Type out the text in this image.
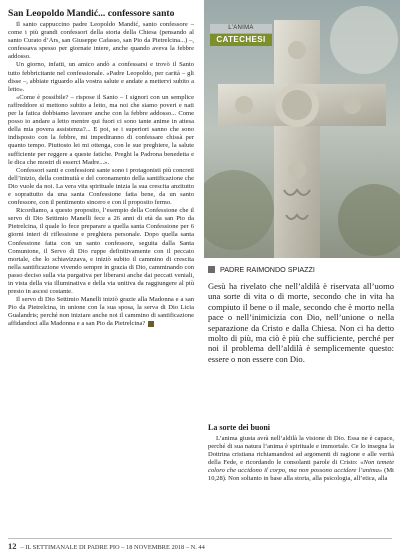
San Leopoldo Mandić... confessore santo

Il santo cappuccino padre Leopoldo Mandić, santo confessore – come i più grandi confessori della storia della Chiesa (pensando al santo Curato d’Ars, san Giuseppe Cafasso, san Pio da Pietrelcina...) –, confessava spesso per giornate intere, anche quando aveva la febbre addosso.

Un giorno, infatti, un amico andò a confessarsi e trovò il Santo tutto febbricitante nel confessionale. «Padre Leopoldo, per carità – gli disse –, abbiate riguardo alla vostra salute e andate a mettervi subito a letto».

«Come è possibile? – rispose il Santo – I signori con un semplice raffreddore si mettono subito a letto, ma noi che siamo poveri e nati per la fatica dobbiamo lavorare anche con la febbre addosso... Come posso io andare a letto mentre qui fuori ci sono tante anime in attesa della mia povera assistenza?... E poi, se i superiori sanno che sono indisposto con la febbre, mi impediranno di confessare chissà per quanto tempo. Piuttosto lei mi ottenga, con le sue preghiere, la salute sufficiente per reggere a queste fatiche. Preghi la Padrona benedetta e le dica che mostri di esserci Madre...».

Confessori santi e confessioni sante sono i protagonisti più concreti dell’inizio, della continuità e del coronamento della santificazione che Dio vuole da noi. La vera vita spirituale inizia la sua crescita anzitutto e soprattutto da una santa Confessione fatta bene, da un santo confessore, con il pentimento sincero e con il proposito fermo.

Ricordiamo, a questo proposito, l’esempio della Confessione che il servo di Dio Settimio Manelli fece a 26 anni di età da san Pio da Pietrelcina, il quale lo fece preparare a quella santa Confessione per 6 giorni interi di riflessione e preghiera personale. Dopo quella santa Confessione fatta con un santo confessore, seguita dalla Santa Comunione, il Servo di Dio ruppe definitivamente con il peccato mortale, che lo schiavizzava, e iniziò subito il cammino di crescita nella santificazione vivendo sempre in grazia di Dio, camminando con passo deciso sulla via purgativa per liberarsi anche dai peccati veniali, in vista della via illuminativa e della via unitiva da raggiungere al più presto in ascesi costante.

Il servo di Dio Settimio Manelli iniziò grazie alla Madonna e a san Pio da Pietrelcina, in unione con la sua sposa, la serva di Dio Licia Gualandris; perché non iniziare anche noi il cammino di santificazione affidandoci alla Madonna e a san Pio da Pietrelcina?

L’ANIMA
CATECHESI
PADRE RAIMONDO SPIAZZI
Gesù ha rivelato che nell’aldilà è riservata all’uomo una sorte di vita o di morte, secondo che in vita ha compiuto il bene o il male, secondo che è morto nella pace o nell’inimicizia con Dio, nell’unione o nella separazione da Cristo e dalla Chiesa. Non ci ha detto molto di più, ma ciò è più che sufficiente, perché per noi il problema dell’aldilà è semplicemente questo: essere o non essere con Dio.
La sorte dei buoni
L’anima giusta avrà nell’aldilà la visione di Dio. Essa ne è capace, perché di sua natura l’anima è spirituale e immortale. Ce lo insegna la Dottrina cristiana richiamandosi ad argomenti di ragione e alle verità della Fede, e ricordando le consolanti parole di Cristo: «Non temete coloro che uccidono il corpo, ma non possono uccidere l’anima» (Mt 10,28). Non soltanto in base alla storia, alla psicologia, all’etica, alla
12 – IL SETTIMANALE DI PADRE PIO – 18 NOVEMBRE 2018 – N. 44
